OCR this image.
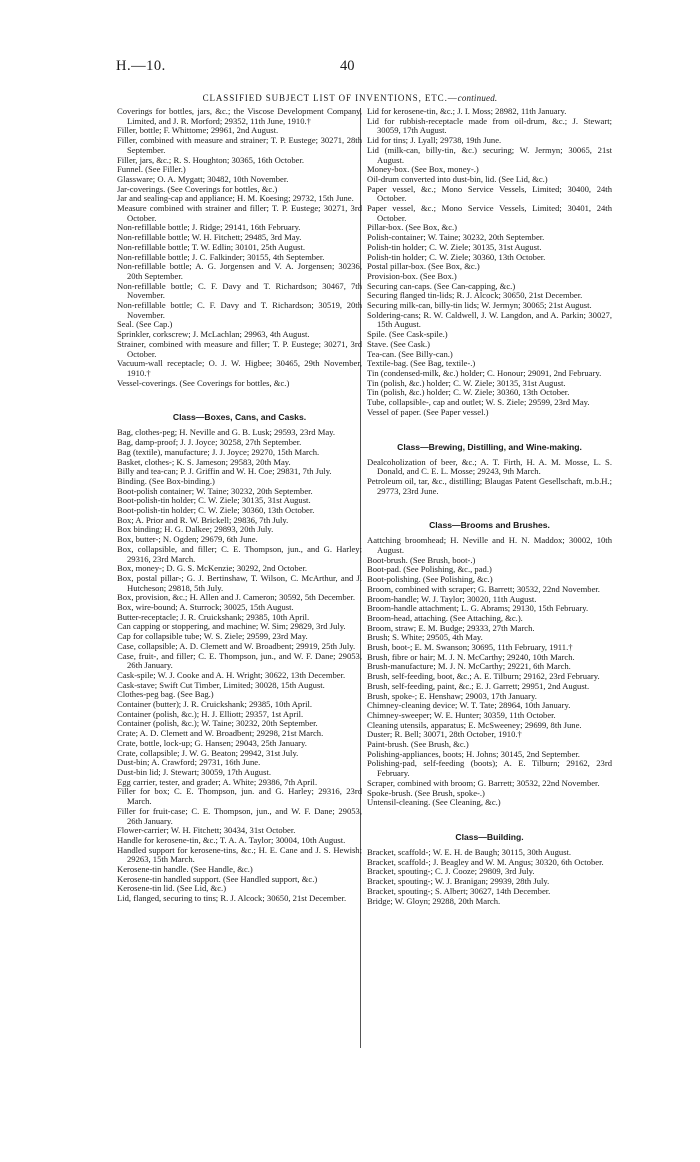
H.—10.	40
CLASSIFIED SUBJECT LIST OF INVENTIONS, ETC.—continued.

Coverings for bottles, jars, &c.; the Viscose Development Company, Limited, and J. R. Morford; 29352, 11th June, 1910.†

Filler, bottle; F. Whittome; 29961, 2nd August.

Filler, combined with measure and strainer; T. P. Eustege; 30271, 28th September.

Filler, jars, &c.; R. S. Houghton; 30365, 16th October.

Funnel. (See Filler.)

Glassware; O. A. Mygatt; 30482, 10th November.

Jar-coverings. (See Coverings for bottles, &c.)

Jar and sealing-cap and appliance; H. M. Koesing; 29732, 15th June.

Measure combined with strainer and filler; T. P. Eustege; 30271, 3rd October.

Non-refillable bottle; J. Ridge; 29141, 16th February.

Non-refillable bottle; W. H. Fitchett; 29485, 3rd May.

Non-refillable bottle; T. W. Edlin; 30101, 25th August.

Non-refillable bottle; J. C. Falkinder; 30155, 4th September.

Non-refillable bottle; A. G. Jorgensen and V. A. Jorgensen; 30236, 20th September.

Non-refillable bottle; C. F. Davy and T. Richardson; 30467, 7th November.

Non-refillable bottle; C. F. Davy and T. Richardson; 30519, 20th November.

Seal. (See Cap.)

Sprinkler, corkscrew; J. McLachlan; 29963, 4th August.

Strainer, combined with measure and filler; T. P. Eustege; 30271, 3rd October.

Vacuum-wall receptacle; O. J. W. Higbee; 30465, 29th November, 1910.†

Vessel-coverings. (See Coverings for bottles, &c.)

Class—Boxes, Cans, and Casks.

Bag, clothes-peg; H. Neville and G. B. Lusk; 29593, 23rd May.

Bag, damp-proof; J. J. Joyce; 30258, 27th September.

Bag (textile), manufacture; J. J. Joyce; 29270, 15th March.

Basket, clothes-; K. S. Jameson; 29583, 20th May.

Billy and tea-can; P. J. Griffin and W. H. Coe; 29831, 7th July.

Binding. (See Box-binding.)

Boot-polish container; W. Taine; 30232, 20th September.

Boot-polish-tin holder; C. W. Ziele; 30135, 31st August.

Boot-polish-tin holder; C. W. Ziele; 30360, 13th October.

Box; A. Prior and R. W. Brickell; 29836, 7th July.

Box binding; H. G. Dalkee; 29893, 20th July.

Box, butter-; N. Ogden; 29679, 6th June.

Box, collapsible, and filler; C. E. Thompson, jun., and G. Harley; 29316, 23rd March.

Box, money-; D. G. S. McKenzie; 30292, 2nd October.

Box, postal pillar-; G. J. Bertinshaw, T. Wilson, C. McArthur, and J. Hutcheson; 29818, 5th July.

Box, provision, &c.; H. Allen and J. Cameron; 30592, 5th December.

Box, wire-bound; A. Sturrock; 30025, 15th August.

Butter-receptacle; J. R. Cruickshank; 29385, 10th April.

Can capping or stoppering, and machine; W. Sim; 29829, 3rd July.

Cap for collapsible tube; W. S. Ziele; 29599, 23rd May.

Case, collapsible; A. D. Clemett and W. Broadbent; 29919, 25th July.

Case, fruit-, and filler; C. E. Thompson, jun., and W. F. Dane; 29053, 26th January.

Cask-spile; W. J. Cooke and A. H. Wright; 30622, 13th December.

Cask-stave; Swift Cut Timber, Limited; 30028, 15th August.

Clothes-peg bag. (See Bag.)

Container (butter); J. R. Cruickshank; 29385, 10th April.

Container (polish, &c.); H. J. Elliott; 29357, 1st April.

Container (polish, &c.); W. Taine; 30232, 20th September.

Crate; A. D. Clemett and W. Broadbent; 29298, 21st March.

Crate, bottle, lock-up; G. Hansen; 29043, 25th January.

Crate, collapsible; J. W. G. Beaton; 29942, 31st July.

Dust-bin; A. Crawford; 29731, 16th June.

Dust-bin lid; J. Stewart; 30059, 17th August.

Egg carrier, tester, and grader; A. White; 29386, 7th April.

Filler for box; C. E. Thompson, jun. and G. Harley; 29316, 23rd March.

Filler for fruit-case; C. E. Thompson, jun., and W. F. Dane; 29053, 26th January.

Flower-carrier; W. H. Fitchett; 30434, 31st October.

Handle for kerosene-tin, &c.; T. A. A. Taylor; 30004, 10th August.

Handled support for kerosene-tins, &c.; H. E. Cane and J. S. Hewish; 29263, 15th March.

Kerosene-tin handle. (See Handle, &c.)

Kerosene-tin handled support. (See Handled support, &c.)

Kerosene-tin lid. (See Lid, &c.)

Lid, flanged, securing to tins; R. J. Alcock; 30650, 21st December.

Lid for kerosene-tin, &c.; J. I. Moss; 28982, 11th January.

Lid for rubbish-receptacle made from oil-drum, &c.; J. Stewart; 30059, 17th August.

Lid for tins; J. Lyall; 29738, 19th June.

Lid (milk-can, billy-tin, &c.) securing; W. Jermyn; 30065, 21st August.

Money-box. (See Box, money-.)

Oil-drum converted into dust-bin, lid. (See Lid, &c.)

Paper vessel, &c.; Mono Service Vessels, Limited; 30400, 24th October.

Paper vessel, &c.; Mono Service Vessels, Limited; 30401, 24th October.

Pillar-box. (See Box, &c.)

Polish-container; W. Taine; 30232, 20th September.

Polish-tin holder; C. W. Ziele; 30135, 31st August.

Polish-tin holder; C. W. Ziele; 30360, 13th October.

Postal pillar-box. (See Box, &c.)

Provision-box. (See Box.)

Securing can-caps. (See Can-capping, &c.)

Securing flanged tin-lids; R. J. Alcock; 30650, 21st December.

Securing milk-can, billy-tin lids; W. Jermyn; 30065; 21st August.

Soldering-cans; R. W. Caldwell, J. W. Langdon, and A. Parkin; 30027, 15th August.

Spile. (See Cask-spile.)

Stave. (See Cask.)

Tea-can. (See Billy-can.)

Textile-bag. (See Bag, textile-.)

Tin (condensed-milk, &c.) holder; C. Honour; 29091, 2nd February.

Tin (polish, &c.) holder; C. W. Ziele; 30135, 31st August.

Tin (polish, &c.) holder; C. W. Ziele; 30360, 13th October.

Tube, collapsible-, cap and outlet; W. S. Ziele; 29599, 23rd May.

Vessel of paper. (See Paper vessel.)

Class—Brewing, Distilling, and Wine-making.

Dealcoholization of beer, &c.; A. T. Firth, H. A. M. Mosse, L. S. Donald, and C. E. L. Mosse; 29243, 9th March.

Petroleum oil, tar, &c., distilling; Blaugas Patent Gesellschaft, m.b.H.; 29773, 23rd June.

Class—Brooms and Brushes.

Aattching broomhead; H. Neville and H. N. Maddox; 30002, 10th August.

Boot-brush. (See Brush, boot-.)

Boot-pad. (See Polishing, &c., pad.)

Boot-polishing. (See Polishing, &c.)

Broom, combined with scraper; G. Barrett; 30532, 22nd November.

Broom-handle; W. J. Taylor; 30020, 11th August.

Broom-handle attachment; L. G. Abrams; 29130, 15th February.

Broom-head, attaching. (See Attaching, &c.).

Broom, straw; E. M. Budge; 29333, 27th March.

Brush; S. White; 29505, 4th May.

Brush, boot-; E. M. Swanson; 30695, 11th February, 1911.†

Brush, fibre or hair; M. J. N. McCarthy; 29240, 10th March.

Brush-manufacture; M. J. N. McCarthy; 29221, 6th March.

Brush, self-feeding, boot, &c.; A. E. Tilburn; 29162, 23rd February.

Brush, self-feeding, paint, &c.; E. J. Garrett; 29951, 2nd August.

Brush, spoke-; E. Henshaw; 29003, 17th January.

Chimney-cleaning device; W. T. Tate; 28964, 10th January.

Chimney-sweeper; W. E. Hunter; 30359, 11th October.

Cleaning utensils, apparatus; E. McSweeney; 29699, 8th June.

Duster; R. Bell; 30071, 28th October, 1910.†

Paint-brush. (See Brush, &c.)

Polishing-appliances, boots; H. Johns; 30145, 2nd September.

Polishing-pad, self-feeding (boots); A. E. Tilburn; 29162, 23rd February.

Scraper, combined with broom; G. Barrett; 30532, 22nd November.

Spoke-brush. (See Brush, spoke-.)

Untensil-cleaning. (See Cleaning, &c.)

Class—Building.

Bracket, scaffold-; W. E. H. de Baugh; 30115, 30th August.

Bracket, scaffold-; J. Beagley and W. M. Angus; 30320, 6th October.

Bracket, spouting-; C. J. Cooze; 29809, 3rd July.

Bracket, spouting-; W. J. Branigan; 29939, 28th July.

Bracket, spouting-; S. Albert; 30627, 14th December.

Bridge; W. Gloyn; 29288, 20th March.
